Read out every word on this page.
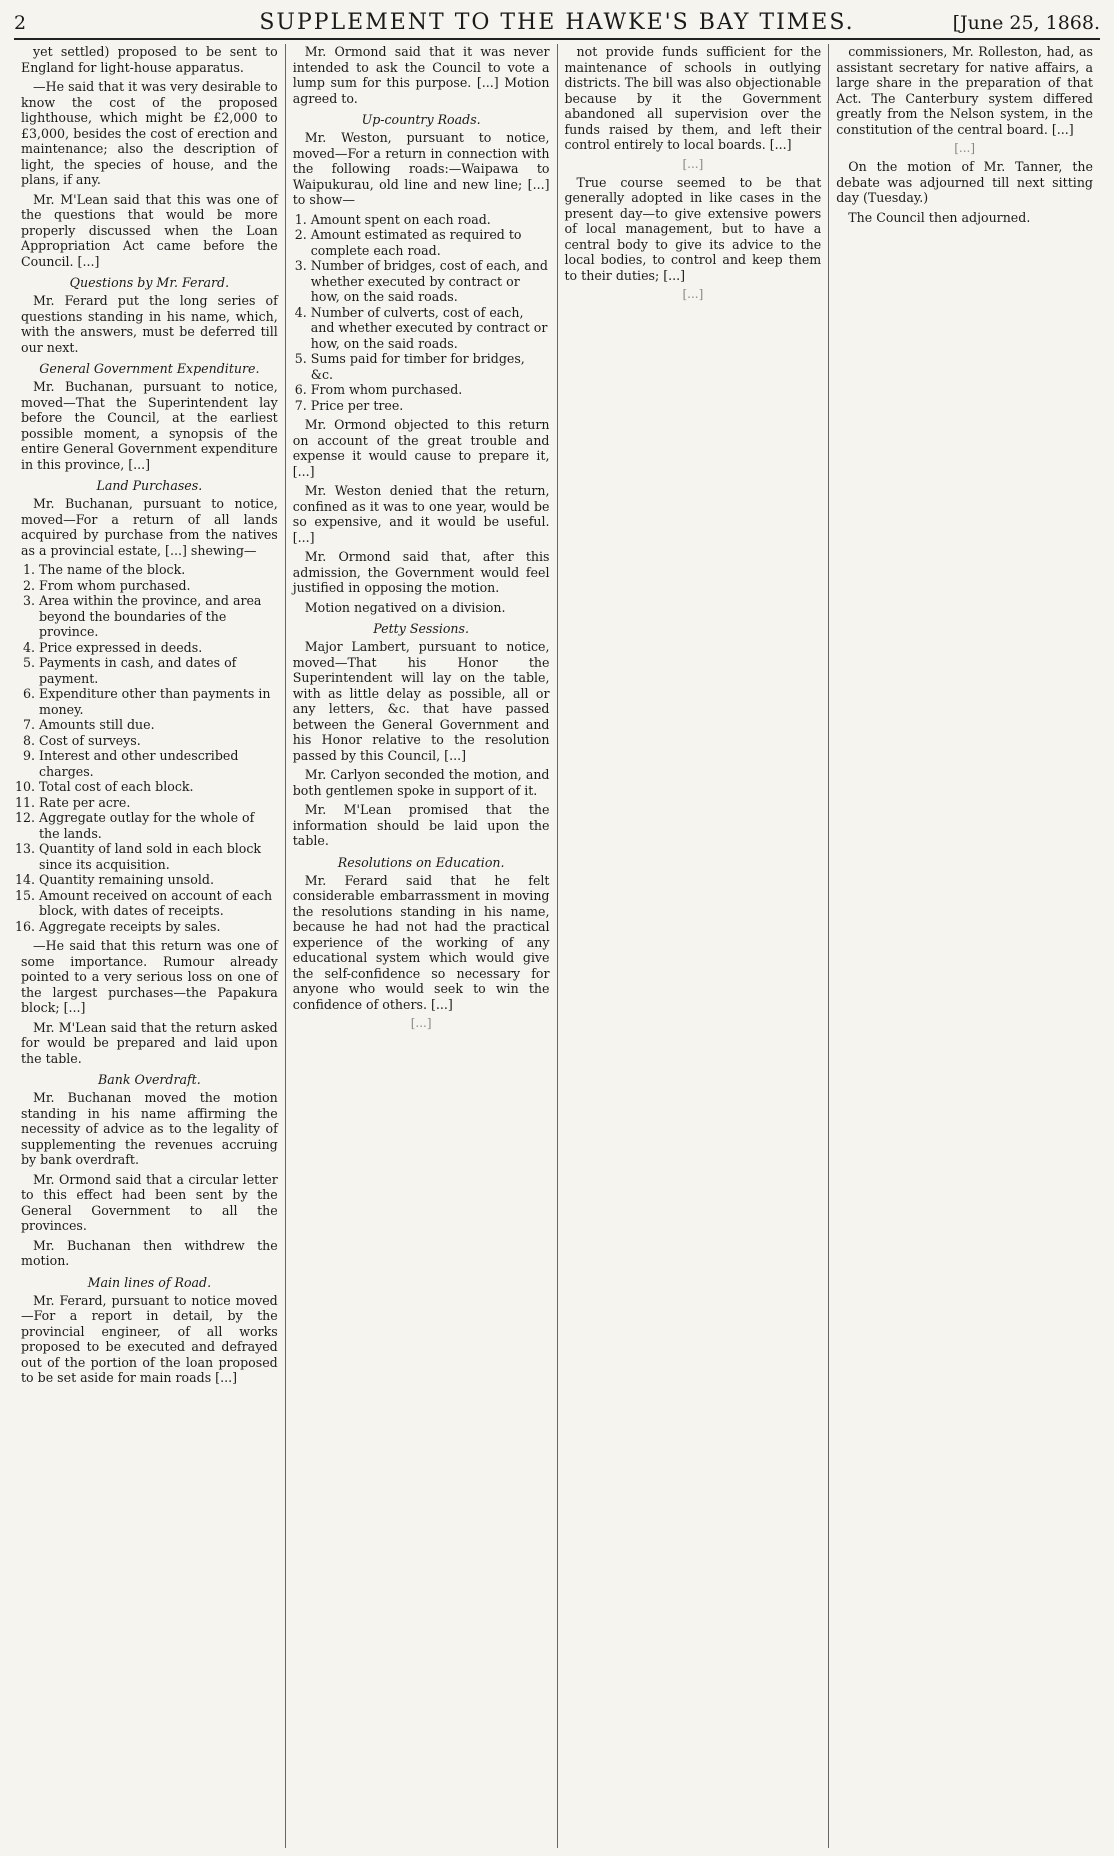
2	SUPPLEMENT TO THE HAWKE'S BAY TIMES.	[June 25, 1868.

yet settled) proposed to be sent to England for light-house apparatus.

—He said that it was very desirable to know the cost of the proposed lighthouse, which might be £2,000 to £3,000, besides the cost of erection and maintenance; also the description of light, the species of house, and the plans, if any.

Mr. M'Lean said that this was one of the questions that would be more properly discussed when the Loan Appropriation Act came before the Council. [...]

Questions by Mr. Ferard.

Mr. Ferard put the long series of questions standing in his name, which, with the answers, must be deferred till our next.

General Government Expenditure.

Mr. Buchanan, pursuant to notice, moved—That the Superintendent lay before the Council, at the earliest possible moment, a synopsis of the entire General Government expenditure in this province, [...]

Land Purchases.

Mr. Buchanan, pursuant to notice, moved—For a return of all lands acquired by purchase from the natives as a provincial estate, [...] shewing—

1. The name of the block.
2. From whom purchased.
3. Area within the province, and area beyond the boundaries of the province.
4. Price expressed in deeds.
5. Payments in cash, and dates of payment.
6. Expenditure other than payments in money.
7. Amounts still due.
8. Cost of surveys.
9. Interest and other undescribed charges.
10. Total cost of each block.
11. Rate per acre.
12. Aggregate outlay for the whole of the lands.
13. Quantity of land sold in each block since its acquisition.
14. Quantity remaining unsold.
15. Amount received on account of each block, with dates of receipts.
16. Aggregate receipts by sales.

—He said that this return was one of some importance. Rumour already pointed to a very serious loss on one of the largest purchases—the Papakura block; [...]

Mr. M'Lean said that the return asked for would be prepared and laid upon the table.

Bank Overdraft.

Mr. Buchanan moved the motion standing in his name affirming the necessity of advice as to the legality of supplementing the revenues accruing by bank overdraft.

Mr. Ormond said that a circular letter to this effect had been sent by the General Government to all the provinces.

Mr. Buchanan then withdrew the motion.

Main lines of Road.

Mr. Ferard, pursuant to notice moved—For a report in detail, by the provincial engineer, of all works proposed to be executed and defrayed out of the portion of the loan proposed to be set aside for main roads [...]

Mr. Ormond said that it was never intended to ask the Council to vote a lump sum for this purpose. [...] Motion agreed to.

Up-country Roads.

Mr. Weston, pursuant to notice, moved—For a return in connection with the following roads:—Waipawa to Waipukurau, old line and new line; [...] to show—

1. Amount spent on each road.
2. Amount estimated as required to complete each road.
3. Number of bridges, cost of each, and whether executed by contract or how, on the said roads.
4. Number of culverts, cost of each, and whether executed by contract or how, on the said roads.
5. Sums paid for timber for bridges, &c.
6. From whom purchased.
7. Price per tree.

Mr. Ormond objected to this return on account of the great trouble and expense it would cause to prepare it, [...]

Mr. Weston denied that the return, confined as it was to one year, would be so expensive, and it would be useful. [...]

Mr. Ormond said that, after this admission, the Government would feel justified in opposing the motion.

Motion negatived on a division.

Petty Sessions.

Major Lambert, pursuant to notice, moved—That his Honor the Superintendent will lay on the table, with as little delay as possible, all or any letters, &c. that have passed between the General Government and his Honor relative to the resolution passed by this Council, [...]

Mr. Carlyon seconded the motion, and both gentlemen spoke in support of it.

Mr. M'Lean promised that the information should be laid upon the table.

Resolutions on Education.

Mr. Ferard said that he felt considerable embarrassment in moving the resolutions standing in his name, because he had not had the practical experience of the working of any educational system which would give the self-confidence so necessary for anyone who would seek to win the confidence of others. [...]

[...]

not provide funds sufficient for the maintenance of schools in outlying districts. The bill was also objectionable because by it the Government abandoned all supervision over the funds raised by them, and left their control entirely to local boards. [...]

[...]

True course seemed to be that generally adopted in like cases in the present day—to give extensive powers of local management, but to have a central body to give its advice to the local bodies, to control and keep them to their duties; [...]

[...]

commissioners, Mr. Rolleston, had, as assistant secretary for native affairs, a large share in the preparation of that Act. The Canterbury system differed greatly from the Nelson system, in the constitution of the central board. [...]

[...]

On the motion of Mr. Tanner, the debate was adjourned till next sitting day (Tuesday.)

The Council then adjourned.
